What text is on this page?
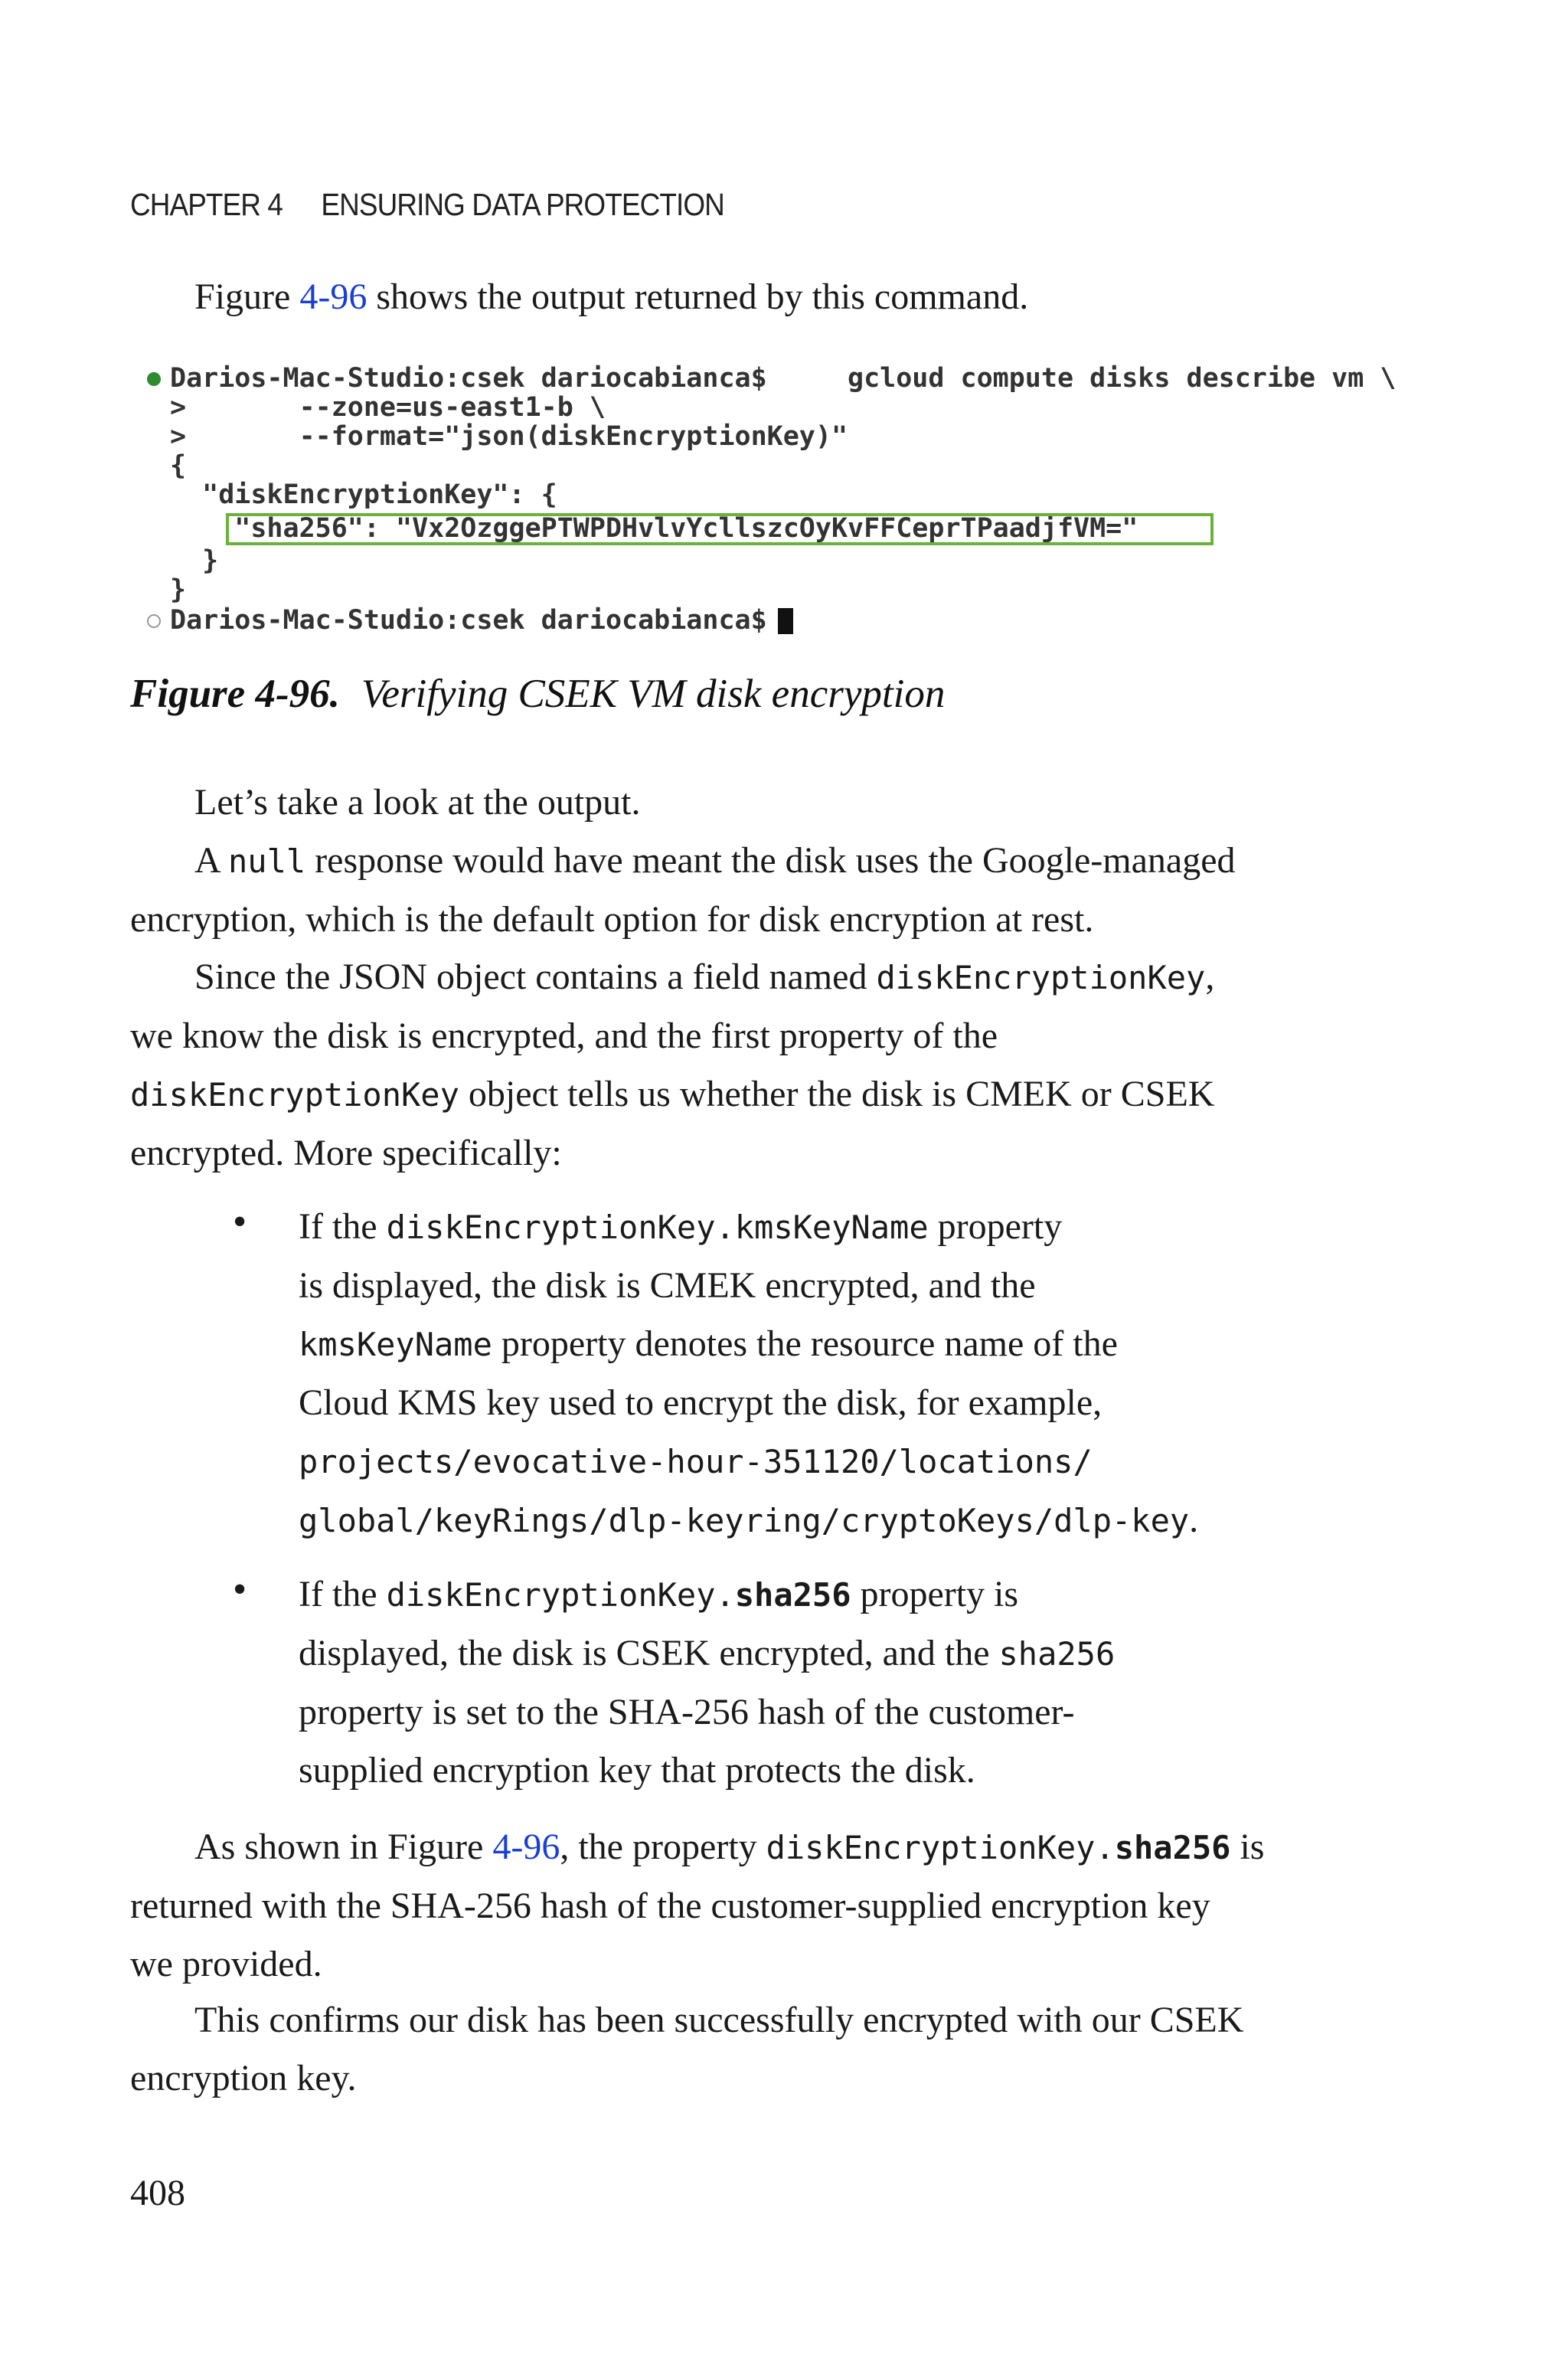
CHAPTER 4 ENSURING DATA PROTECTION

Figure 4-96 shows the output returned by this command.

Darios-Mac-Studio:csek dariocabianca$     gcloud compute disks describe vm \
>       --zone=us-east1-b \
>       --format="json(diskEncryptionKey)"
{
"diskEncryptionKey": {
"sha256": "Vx2OzggePTWPDHvlvYcllszcOyKvFFCeprTPaadjfVM="
}
}
Darios-Mac-Studio:csek dariocabianca$
Figure 4-96. Verifying CSEK VM disk encryption

Let’s take a look at the output.

A null response would have meant the disk uses the Google-managed
encryption, which is the default option for disk encryption at rest.

Since the JSON object contains a field named diskEncryptionKey,
we know the disk is encrypted, and the first property of the
diskEncryptionKey object tells us whether the disk is CMEK or CSEK
encrypted. More specifically:

• If the diskEncryptionKey.kmsKeyName property
is displayed, the disk is CMEK encrypted, and the
kmsKeyName property denotes the resource name of the
Cloud KMS key used to encrypt the disk, for example,
projects/evocative-hour-351120/locations/
global/keyRings/dlp-keyring/cryptoKeys/dlp-key.

• If the diskEncryptionKey.sha256 property is
displayed, the disk is CSEK encrypted, and the sha256
property is set to the SHA-256 hash of the customer-
supplied encryption key that protects the disk.

As shown in Figure 4-96, the property diskEncryptionKey.sha256 is
returned with the SHA-256 hash of the customer-supplied encryption key
we provided.

This confirms our disk has been successfully encrypted with our CSEK
encryption key.

408
